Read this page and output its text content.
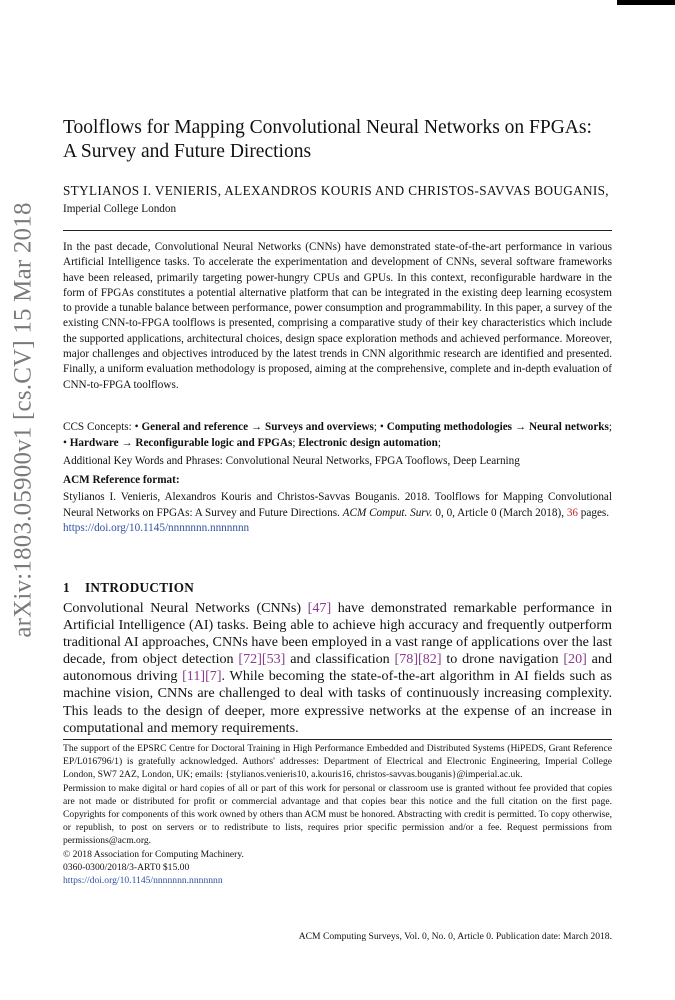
arXiv:1803.05900v1 [cs.CV] 15 Mar 2018
Toolflows for Mapping Convolutional Neural Networks on FPGAs:
A Survey and Future Directions
STYLIANOS I. VENIERIS, ALEXANDROS KOURIS AND CHRISTOS-SAVVAS BOUGANIS,
Imperial College London

In the past decade, Convolutional Neural Networks (CNNs) have demonstrated state-of-the-art performance in various Artificial Intelligence tasks. To accelerate the experimentation and development of CNNs, several software frameworks have been released, primarily targeting power-hungry CPUs and GPUs. In this context, reconfigurable hardware in the form of FPGAs constitutes a potential alternative platform that can be integrated in the existing deep learning ecosystem to provide a tunable balance between performance, power consumption and programmability. In this paper, a survey of the existing CNN-to-FPGA toolflows is presented, comprising a comparative study of their key characteristics which include the supported applications, architectural choices, design space exploration methods and achieved performance. Moreover, major challenges and objectives introduced by the latest trends in CNN algorithmic research are identified and presented. Finally, a uniform evaluation methodology is proposed, aiming at the comprehensive, complete and in-depth evaluation of CNN-to-FPGA toolflows.

CCS Concepts: • General and reference → Surveys and overviews; • Computing methodologies → Neural networks; • Hardware → Reconfigurable logic and FPGAs; Electronic design automation;

Additional Key Words and Phrases: Convolutional Neural Networks, FPGA Tooflows, Deep Learning

ACM Reference format:

Stylianos I. Venieris, Alexandros Kouris and Christos-Savvas Bouganis. 2018. Toolflows for Mapping Convolutional Neural Networks on FPGAs: A Survey and Future Directions. ACM Comput. Surv. 0, 0, Article 0 (March 2018), 36 pages.
https://doi.org/10.1145/nnnnnnn.nnnnnnn

1 INTRODUCTION

Convolutional Neural Networks (CNNs) [47] have demonstrated remarkable performance in Artificial Intelligence (AI) tasks. Being able to achieve high accuracy and frequently outperform traditional AI approaches, CNNs have been employed in a vast range of applications over the last decade, from object detection [72][53] and classification [78][82] to drone navigation [20] and autonomous driving [11][7]. While becoming the state-of-the-art algorithm in AI fields such as machine vision, CNNs are challenged to deal with tasks of continuously increasing complexity. This leads to the design of deeper, more expressive networks at the expense of an increase in computational and memory requirements.

The support of the EPSRC Centre for Doctoral Training in High Performance Embedded and Distributed Systems (HiPEDS, Grant Reference EP/L016796/1) is gratefully acknowledged. Authors' addresses: Department of Electrical and Electronic Engineering, Imperial College London, SW7 2AZ, London, UK; emails: {stylianos.venieris10, a.kouris16, christos-savvas.bouganis}@imperial.ac.uk.

Permission to make digital or hard copies of all or part of this work for personal or classroom use is granted without fee provided that copies are not made or distributed for profit or commercial advantage and that copies bear this notice and the full citation on the first page. Copyrights for components of this work owned by others than ACM must be honored. Abstracting with credit is permitted. To copy otherwise, or republish, to post on servers or to redistribute to lists, requires prior specific permission and/or a fee. Request permissions from permissions@acm.org.

© 2018 Association for Computing Machinery.
0360-0300/2018/3-ART0 $15.00
https://doi.org/10.1145/nnnnnnn.nnnnnnn
ACM Computing Surveys, Vol. 0, No. 0, Article 0. Publication date: March 2018.
